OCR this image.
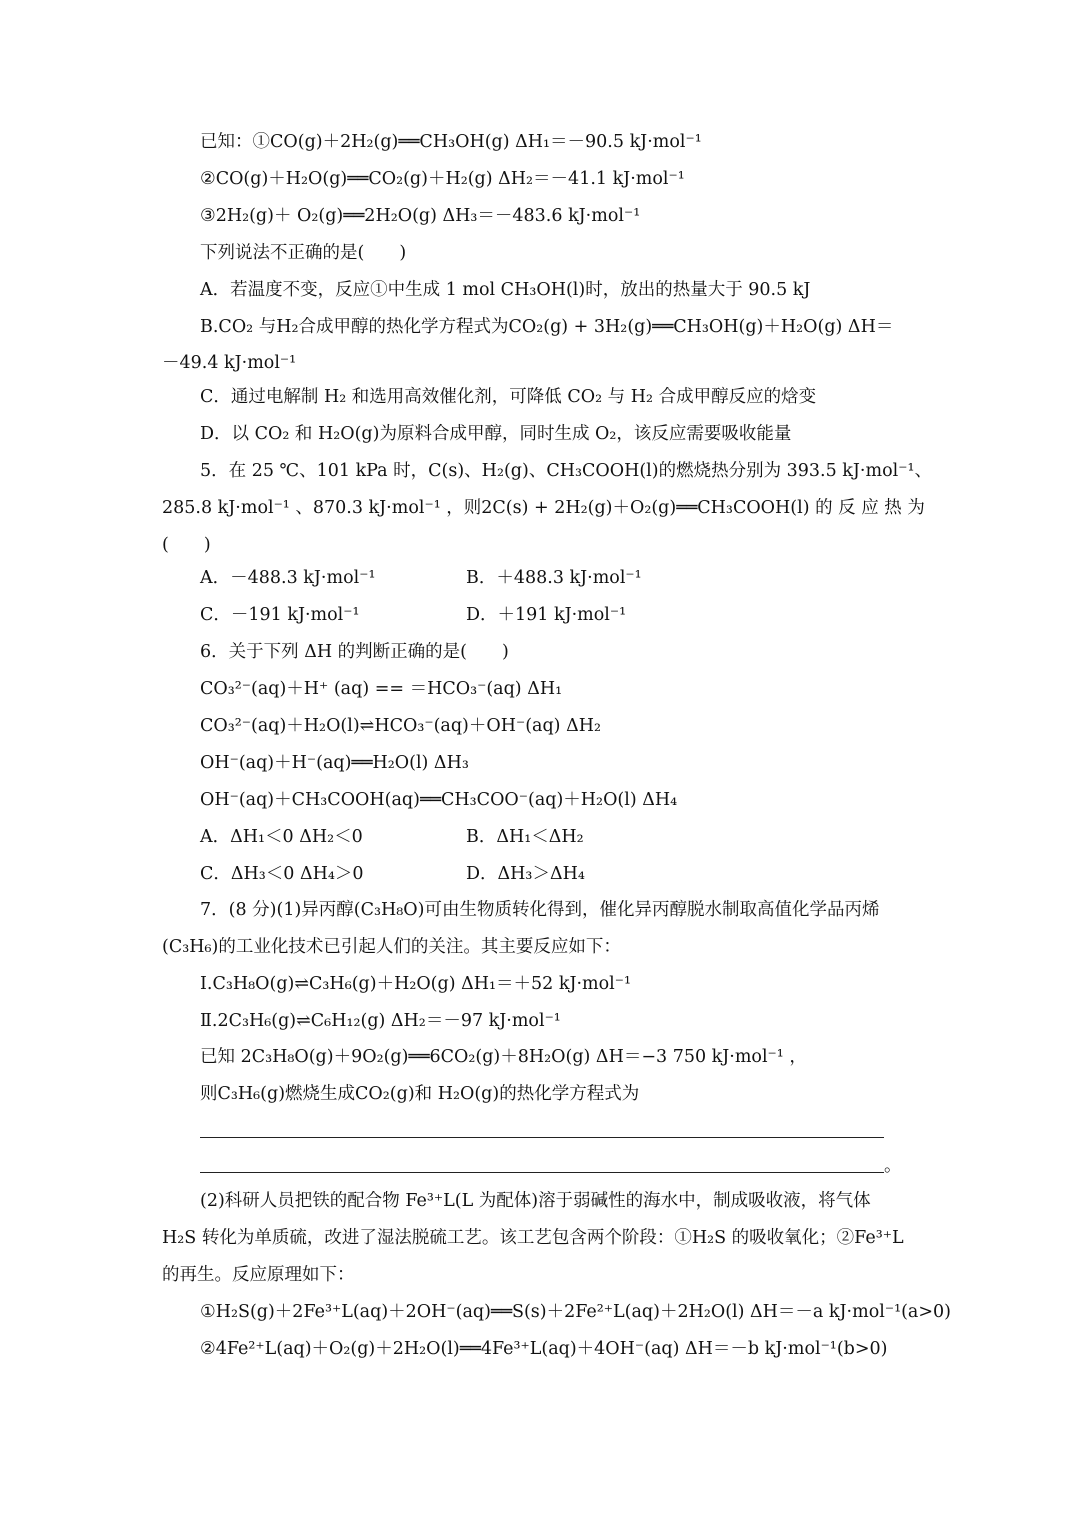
已知：①CO(g)＋2H₂(g)══CH₃OH(g) ΔH₁＝－90.5 kJ·mol⁻¹
②CO(g)＋H₂O(g)══CO₂(g)＋H₂(g) ΔH₂＝－41.1 kJ·mol⁻¹
③2H₂(g)＋ O₂(g)══2H₂O(g) ΔH₃＝－483.6 kJ·mol⁻¹
下列说法不正确的是(　　)
A．若温度不变，反应①中生成 1 mol CH₃OH(l)时，放出的热量大于 90.5 kJ
B.CO₂ 与H₂合成甲醇的热化学方程式为CO₂(g) + 3H₂(g)══CH₃OH(g)＋H₂O(g) ΔH＝
－49.4 kJ·mol⁻¹
C．通过电解制 H₂ 和选用高效催化剂，可降低 CO₂ 与 H₂ 合成甲醇反应的焓变
D．以 CO₂ 和 H₂O(g)为原料合成甲醇，同时生成 O₂，该反应需要吸收能量
5．在 25 ℃、101 kPa 时，C(s)、H₂(g)、CH₃COOH(l)的燃烧热分别为 393.5 kJ·mol⁻¹、
285.8 kJ·mol⁻¹ 、870.3 kJ·mol⁻¹ ，则2C(s) + 2H₂(g)＋O₂(g)══CH₃COOH(l) 的 反 应 热 为
(　　)
A．－488.3 kJ·mol⁻¹	B．＋488.3 kJ·mol⁻¹
C．－191 kJ·mol⁻¹	D．＋191 kJ·mol⁻¹
6．关于下列 ΔH 的判断正确的是(　　)
CO₃²⁻(aq)＋H⁺ (aq) == ＝HCO₃⁻(aq) ΔH₁
CO₃²⁻(aq)＋H₂O(l)⇌HCO₃⁻(aq)＋OH⁻(aq) ΔH₂
OH⁻(aq)＋H⁻(aq)══H₂O(l) ΔH₃
OH⁻(aq)＋CH₃COOH(aq)══CH₃COO⁻(aq)＋H₂O(l) ΔH₄
A．ΔH₁＜0 ΔH₂＜0	B．ΔH₁＜ΔH₂
C．ΔH₃＜0 ΔH₄＞0	D．ΔH₃＞ΔH₄
7．(8 分)(1)异丙醇(C₃H₈O)可由生物质转化得到，催化异丙醇脱水制取高值化学品丙烯
(C₃H₆)的工业化技术已引起人们的关注。其主要反应如下：
Ⅰ.C₃H₈O(g)⇌C₃H₆(g)＋H₂O(g) ΔH₁＝＋52 kJ·mol⁻¹
Ⅱ.2C₃H₆(g)⇌C₆H₁₂(g) ΔH₂＝－97 kJ·mol⁻¹
已知 2C₃H₈O(g)＋9O₂(g)══6CO₂(g)＋8H₂O(g) ΔH＝−3 750 kJ·mol⁻¹ ，
则C₃H₆(g)燃烧生成CO₂(g)和 H₂O(g)的热化学方程式为
。
(2)科研人员把铁的配合物 Fe³⁺L(L 为配体)溶于弱碱性的海水中，制成吸收液，将气体
H₂S 转化为单质硫，改进了湿法脱硫工艺。该工艺包含两个阶段：①H₂S 的吸收氧化；②Fe³⁺L
的再生。反应原理如下：
①H₂S(g)＋2Fe³⁺L(aq)＋2OH⁻(aq)══S(s)＋2Fe²⁺L(aq)＋2H₂O(l) ΔH＝－a kJ·mol⁻¹(a>0)
②4Fe²⁺L(aq)＋O₂(g)＋2H₂O(l)══4Fe³⁺L(aq)＋4OH⁻(aq) ΔH＝－b kJ·mol⁻¹(b>0)
